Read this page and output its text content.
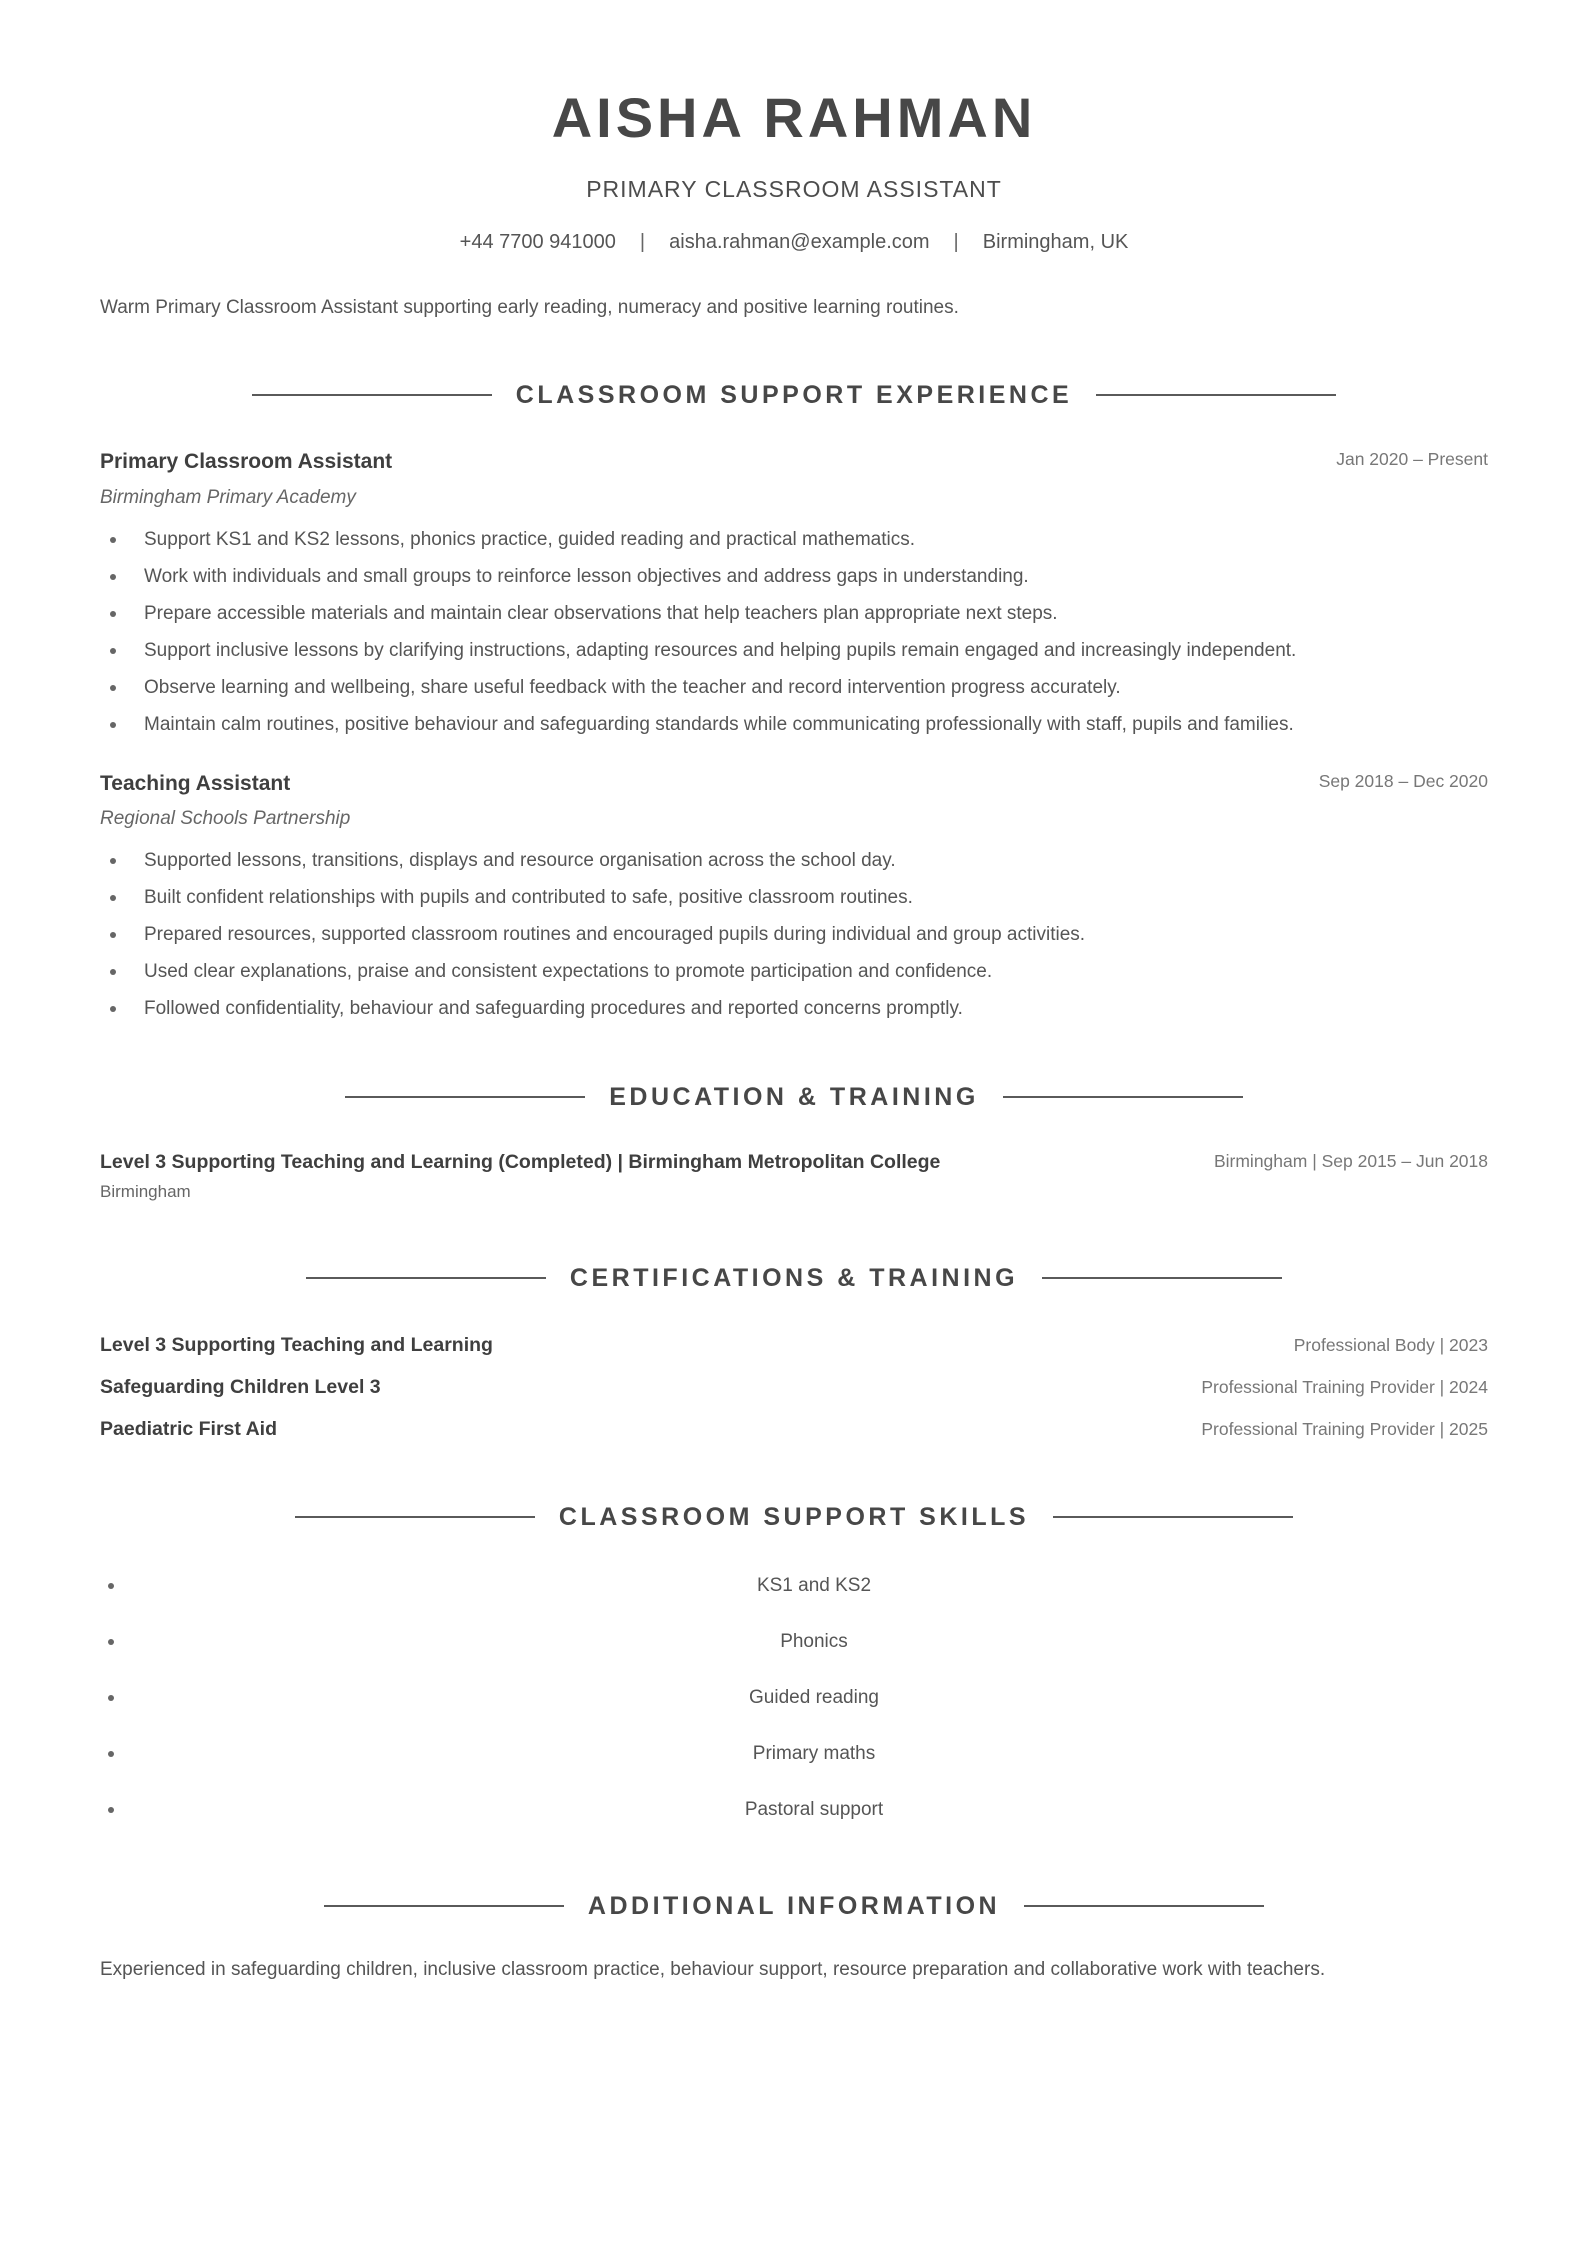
AISHA RAHMAN
PRIMARY CLASSROOM ASSISTANT
+44 7700 941000 | aisha.rahman@example.com | Birmingham, UK
Warm Primary Classroom Assistant supporting early reading, numeracy and positive learning routines.
CLASSROOM SUPPORT EXPERIENCE
Primary Classroom Assistant	Jan 2020 – Present
Birmingham Primary Academy
Support KS1 and KS2 lessons, phonics practice, guided reading and practical mathematics.
Work with individuals and small groups to reinforce lesson objectives and address gaps in understanding.
Prepare accessible materials and maintain clear observations that help teachers plan appropriate next steps.
Support inclusive lessons by clarifying instructions, adapting resources and helping pupils remain engaged and increasingly independent.
Observe learning and wellbeing, share useful feedback with the teacher and record intervention progress accurately.
Maintain calm routines, positive behaviour and safeguarding standards while communicating professionally with staff, pupils and families.
Teaching Assistant	Sep 2018 – Dec 2020
Regional Schools Partnership
Supported lessons, transitions, displays and resource organisation across the school day.
Built confident relationships with pupils and contributed to safe, positive classroom routines.
Prepared resources, supported classroom routines and encouraged pupils during individual and group activities.
Used clear explanations, praise and consistent expectations to promote participation and confidence.
Followed confidentiality, behaviour and safeguarding procedures and reported concerns promptly.
EDUCATION & TRAINING
Level 3 Supporting Teaching and Learning (Completed) | Birmingham Metropolitan College	Birmingham | Sep 2015 – Jun 2018
Birmingham
CERTIFICATIONS & TRAINING
Level 3 Supporting Teaching and Learning	Professional Body | 2023
Safeguarding Children Level 3	Professional Training Provider | 2024
Paediatric First Aid	Professional Training Provider | 2025
CLASSROOM SUPPORT SKILLS
KS1 and KS2
Phonics
Guided reading
Primary maths
Pastoral support
ADDITIONAL INFORMATION
Experienced in safeguarding children, inclusive classroom practice, behaviour support, resource preparation and collaborative work with teachers.
